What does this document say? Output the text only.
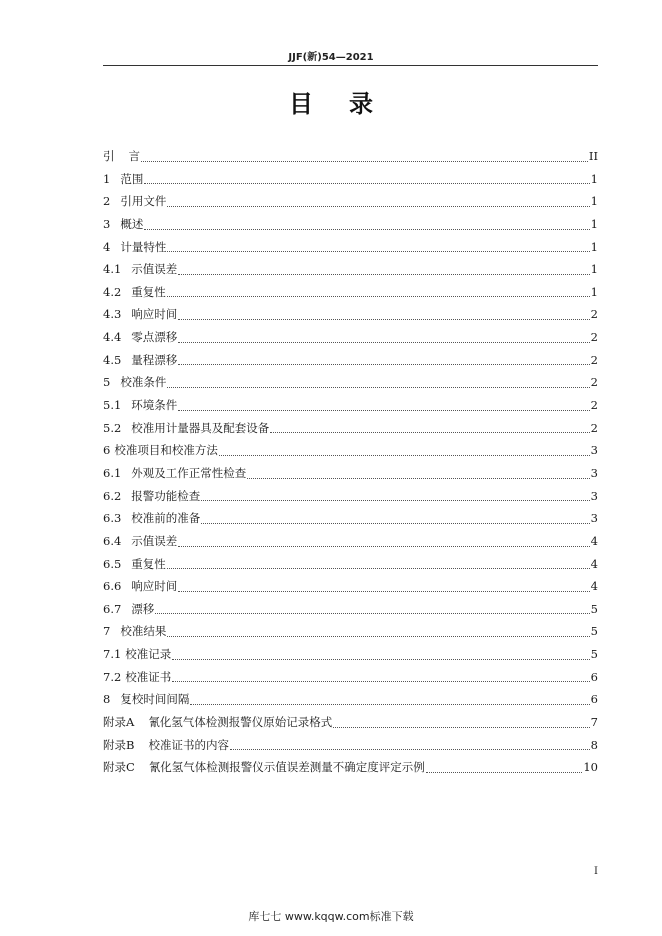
JJF(新)54—2021
目 录
引 言	II
1 范围	1
2 引用文件	1
3 概述	1
4 计量特性	1
4.1 示值误差	1
4.2 重复性	1
4.3 响应时间	2
4.4 零点漂移	2
4.5 量程漂移	2
5 校准条件	2
5.1 环境条件	2
5.2 校准用计量器具及配套设备	2
6 校准项目和校准方法	3
6.1 外观及工作正常性检查	3
6.2 报警功能检查	3
6.3 校准前的准备	3
6.4 示值误差	4
6.5 重复性	4
6.6 响应时间	4
6.7 漂移	5
7 校准结果	5
7.1 校准记录	5
7.2 校准证书	6
8 复校时间间隔	6
附录A 氰化氢气体检测报警仪原始记录格式	7
附录B 校准证书的内容	8
附录C 氰化氢气体检测报警仪示值误差测量不确定度评定示例	10
I
库七七 www.kqqw.com标准下载
